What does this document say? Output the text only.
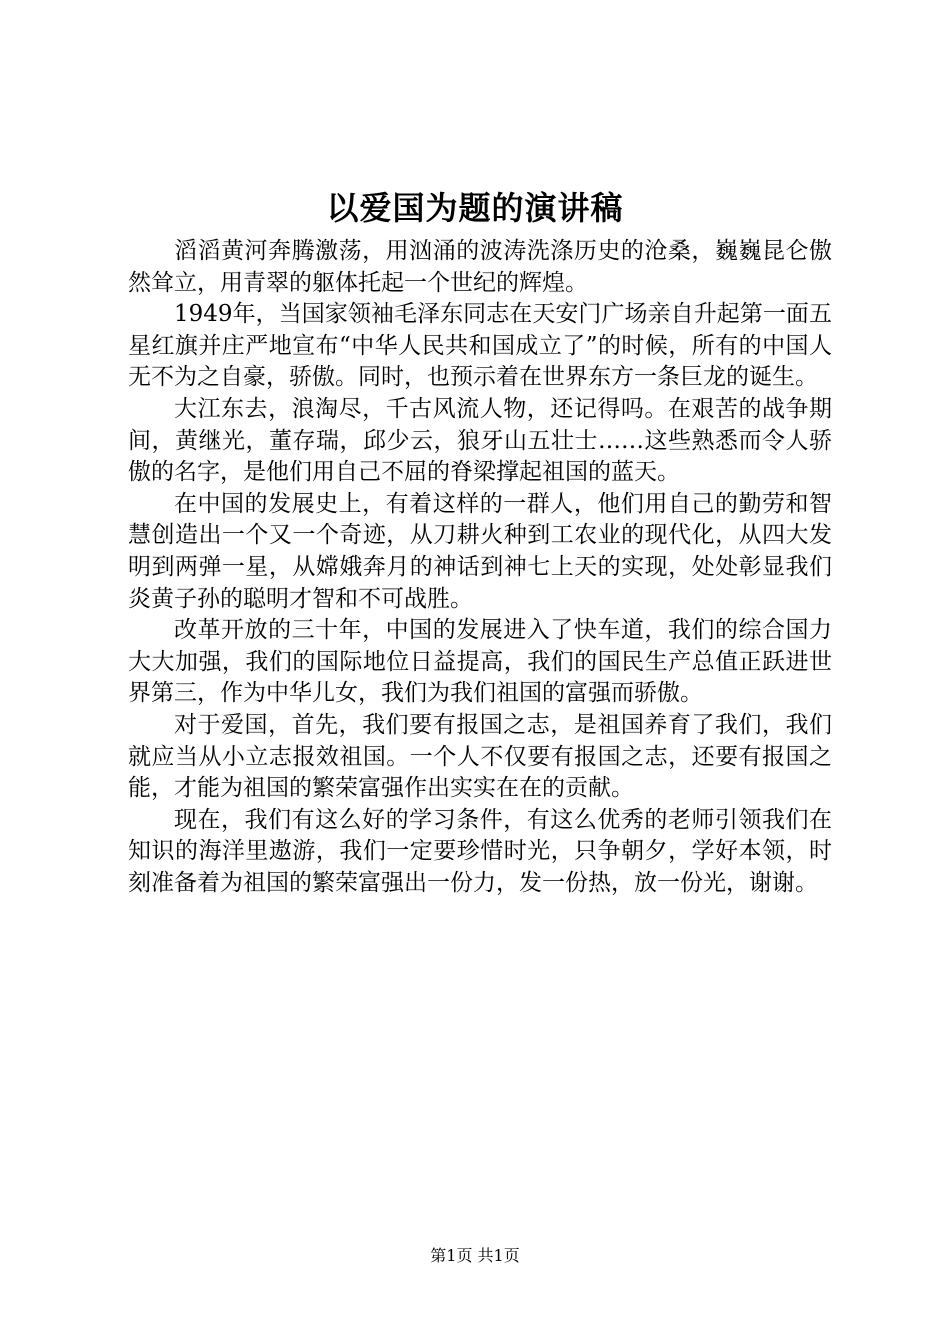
以爱国为题的演讲稿

滔滔黄河奔腾激荡，用汹涌的波涛洗涤历史的沧桑，巍巍昆仑傲然耸立，用青翠的躯体托起一个世纪的辉煌。

1949年，当国家领袖毛泽东同志在天安门广场亲自升起第一面五星红旗并庄严地宣布“中华人民共和国成立了”的时候，所有的中国人无不为之自豪，骄傲。同时，也预示着在世界东方一条巨龙的诞生。

大江东去，浪淘尽，千古风流人物，还记得吗。在艰苦的战争期间，黄继光，董存瑞，邱少云，狼牙山五壮士……这些熟悉而令人骄傲的名字，是他们用自己不屈的脊梁撑起祖国的蓝天。

在中国的发展史上，有着这样的一群人，他们用自己的勤劳和智慧创造出一个又一个奇迹，从刀耕火种到工农业的现代化，从四大发明到两弹一星，从嫦娥奔月的神话到神七上天的实现，处处彰显我们炎黄子孙的聪明才智和不可战胜。

改革开放的三十年，中国的发展进入了快车道，我们的综合国力大大加强，我们的国际地位日益提高，我们的国民生产总值正跃进世界第三，作为中华儿女，我们为我们祖国的富强而骄傲。

对于爱国，首先，我们要有报国之志，是祖国养育了我们，我们就应当从小立志报效祖国。一个人不仅要有报国之志，还要有报国之能，才能为祖国的繁荣富强作出实实在在的贡献。

现在，我们有这么好的学习条件，有这么优秀的老师引领我们在知识的海洋里遨游，我们一定要珍惜时光，只争朝夕，学好本领，时刻准备着为祖国的繁荣富强出一份力，发一份热，放一份光，谢谢。

第1页 共1页
